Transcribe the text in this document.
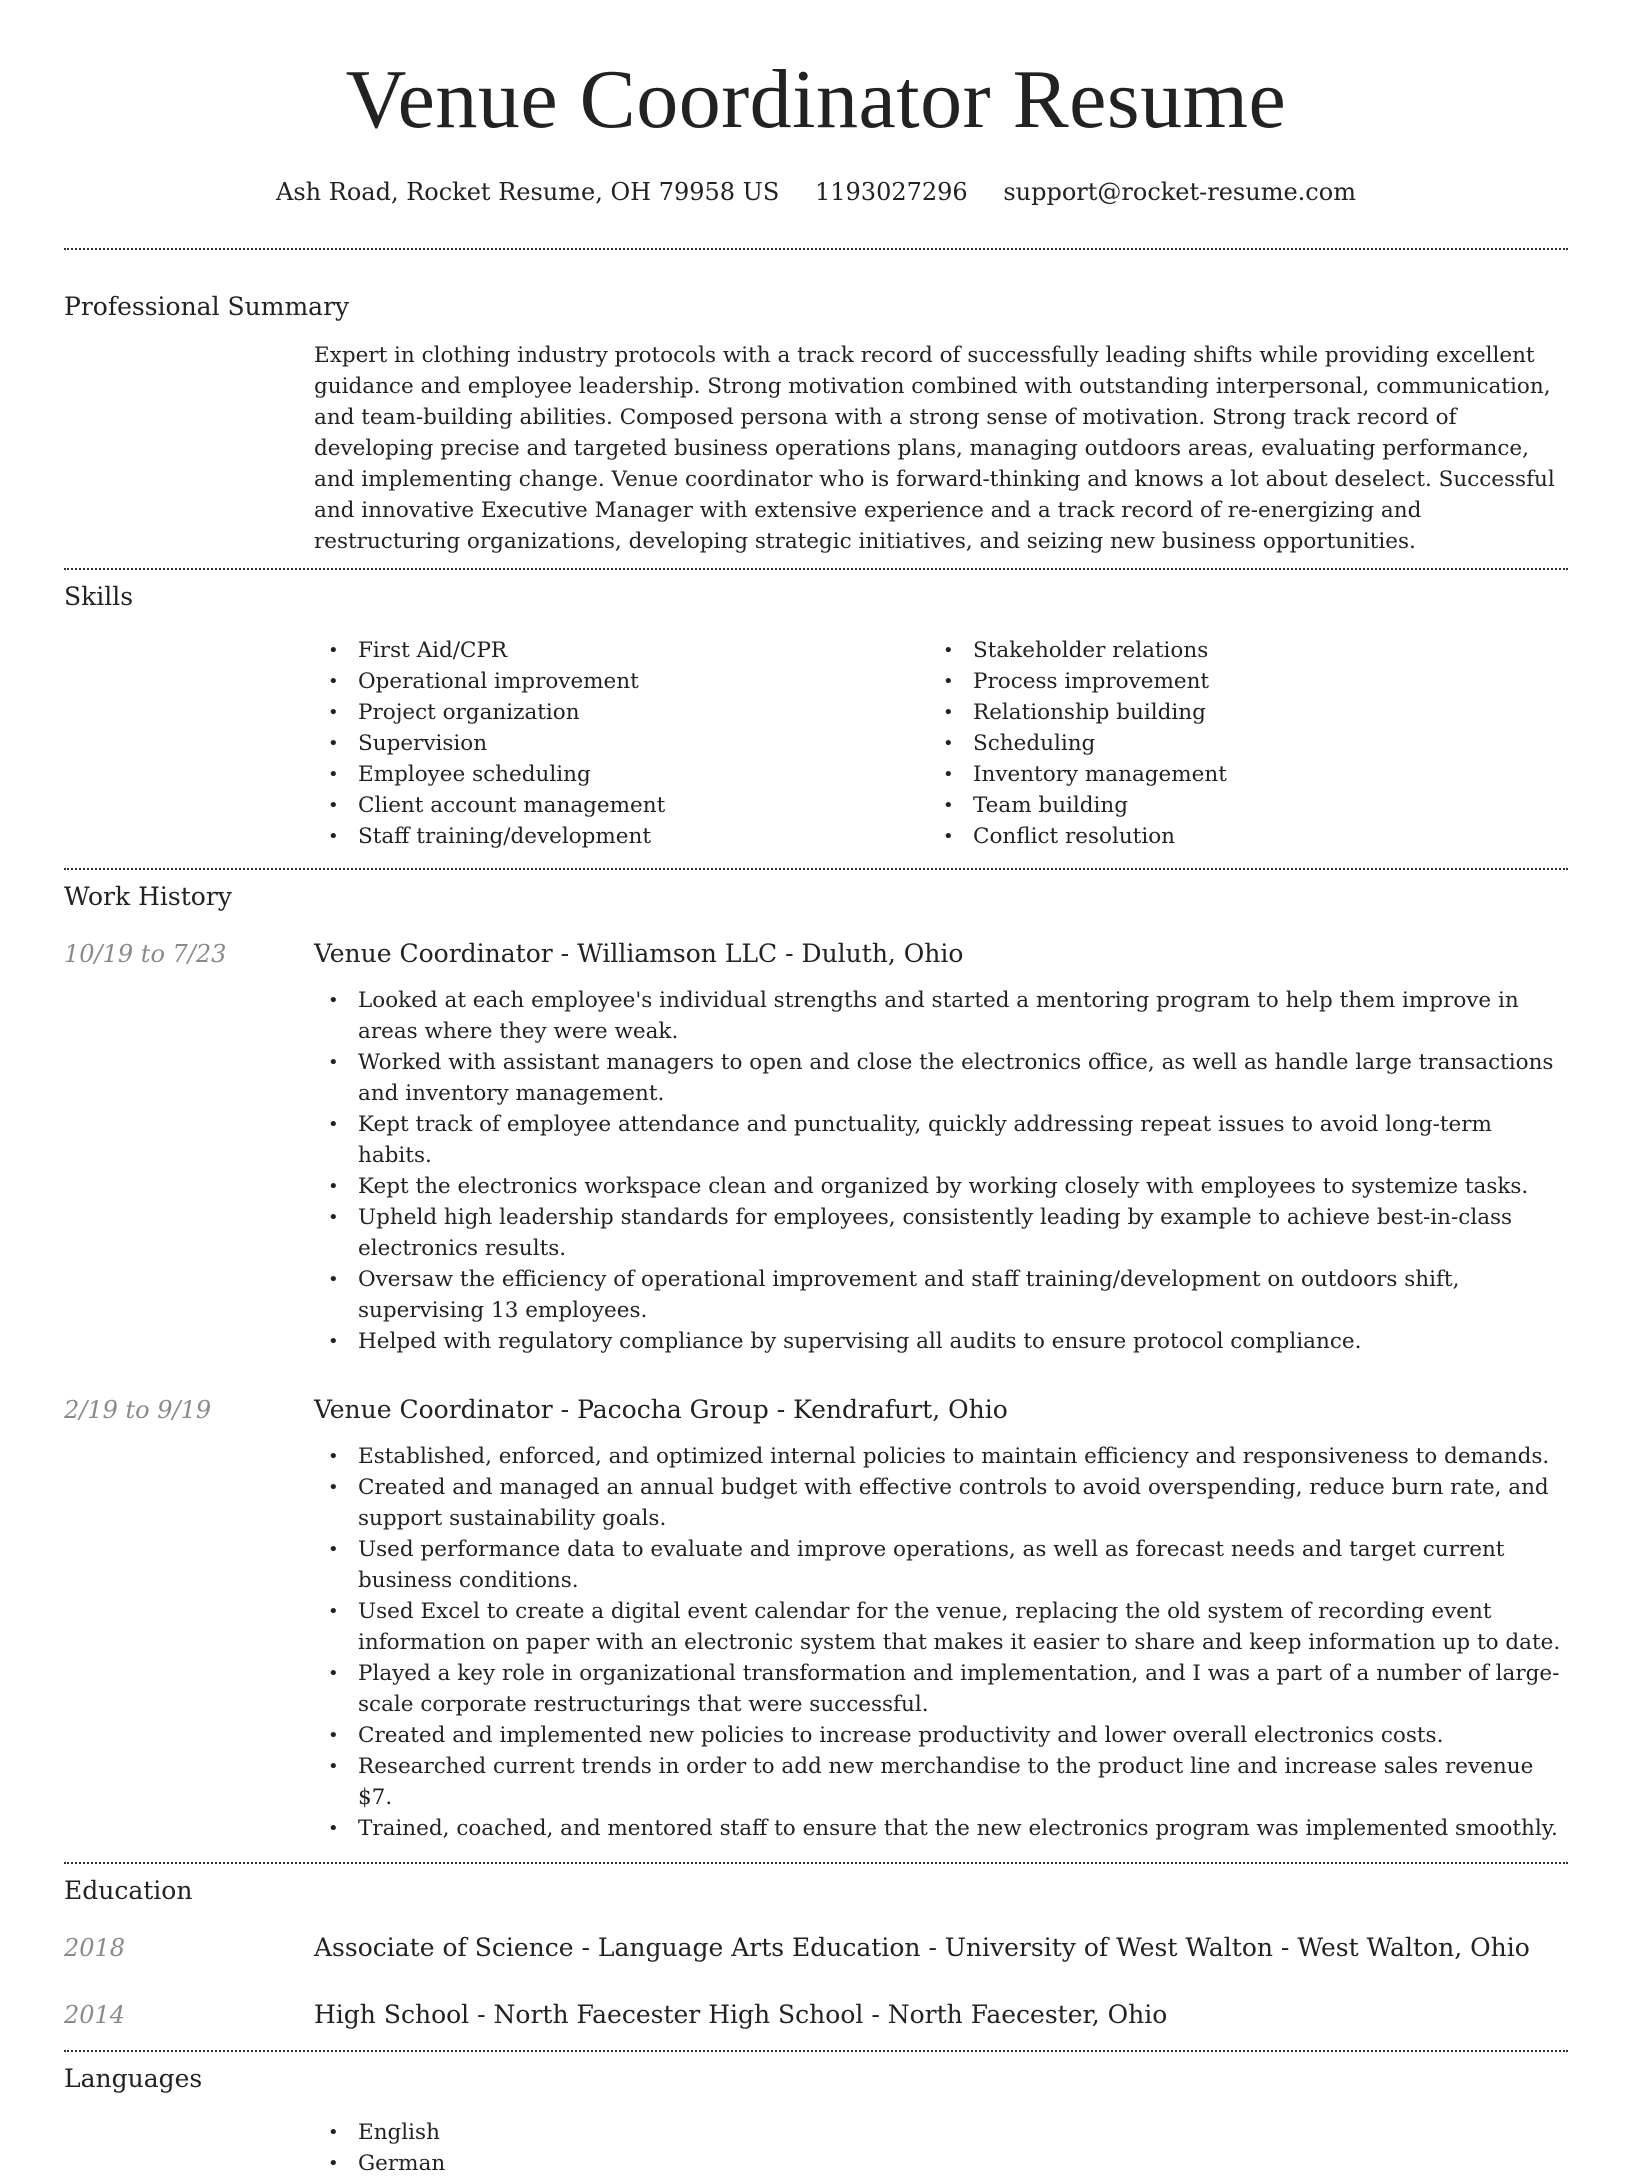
Venue Coordinator Resume
Ash Road, Rocket Resume, OH 79958 US 1193027296 support@rocket-resume.com
Professional Summary

Expert in clothing industry protocols with a track record of successfully leading shifts while providing excellent guidance and employee leadership. Strong motivation combined with outstanding interpersonal, communication, and team-building abilities. Composed persona with a strong sense of motivation. Strong track record of developing precise and targeted business operations plans, managing outdoors areas, evaluating performance, and implementing change. Venue coordinator who is forward-thinking and knows a lot about deselect. Successful and innovative Executive Manager with extensive experience and a track record of re-energizing and restructuring organizations, developing strategic initiatives, and seizing new business opportunities.

Skills
• First Aid/CPR
• Operational improvement
• Project organization
• Supervision
• Employee scheduling
• Client account management
• Staff training/development
• Stakeholder relations
• Process improvement
• Relationship building
• Scheduling
• Inventory management
• Team building
• Conflict resolution
Work History
10/19 to 7/23	Venue Coordinator - Williamson LLC - Duluth, Ohio
• Looked at each employee's individual strengths and started a mentoring program to help them improve in areas where they were weak.
• Worked with assistant managers to open and close the electronics office, as well as handle large transactions and inventory management.
• Kept track of employee attendance and punctuality, quickly addressing repeat issues to avoid long-term habits.
• Kept the electronics workspace clean and organized by working closely with employees to systemize tasks.
• Upheld high leadership standards for employees, consistently leading by example to achieve best-in-class electronics results.
• Oversaw the efficiency of operational improvement and staff training/development on outdoors shift, supervising 13 employees.
• Helped with regulatory compliance by supervising all audits to ensure protocol compliance.
2/19 to 9/19	Venue Coordinator - Pacocha Group - Kendrafurt, Ohio
• Established, enforced, and optimized internal policies to maintain efficiency and responsiveness to demands.
• Created and managed an annual budget with effective controls to avoid overspending, reduce burn rate, and support sustainability goals.
• Used performance data to evaluate and improve operations, as well as forecast needs and target current business conditions.
• Used Excel to create a digital event calendar for the venue, replacing the old system of recording event information on paper with an electronic system that makes it easier to share and keep information up to date.
• Played a key role in organizational transformation and implementation, and I was a part of a number of large-scale corporate restructurings that were successful.
• Created and implemented new policies to increase productivity and lower overall electronics costs.
• Researched current trends in order to add new merchandise to the product line and increase sales revenue $7.
• Trained, coached, and mentored staff to ensure that the new electronics program was implemented smoothly.
Education
2018	Associate of Science - Language Arts Education - University of West Walton - West Walton, Ohio
2014	High School - North Faecester High School - North Faecester, Ohio
Languages
• English
• German
